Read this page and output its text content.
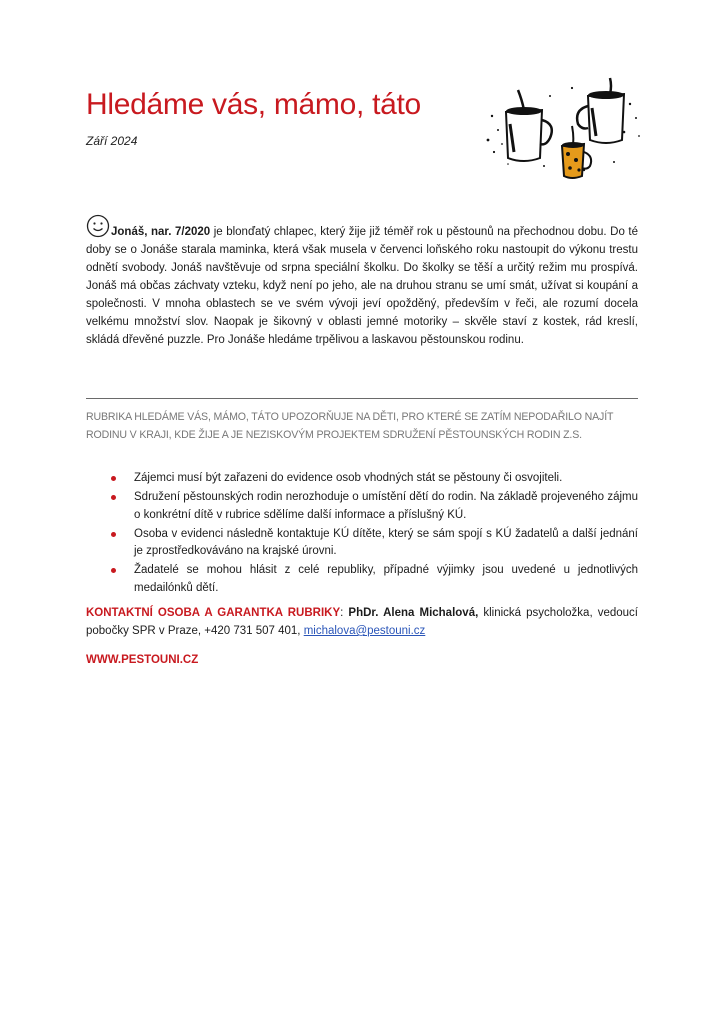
Hledáme vás, mámo, táto
Září 2024
Jonáš, nar. 7/2020 je blonďatý chlapec, který žije již téměř rok u pěstounů na přechodnou dobu. Do té doby se o Jonáše starala maminka, která však musela v červenci loňského roku nastoupit do výkonu trestu odnětí svobody. Jonáš navštěvuje od srpna speciální školku. Do školky se těší a určitý režim mu prospívá. Jonáš má občas záchvaty vzteku, když není po jeho, ale na druhou stranu se umí smát, užívat si koupání a společnosti. V mnoha oblastech se ve svém vývoji jeví opožděný, především v řeči, ale rozumí docela velkému množství slov. Naopak je šikovný v oblasti jemné motoriky – skvěle staví z kostek, rád kreslí, skládá dřevěné puzzle. Pro Jonáše hledáme trpělivou a laskavou pěstounskou rodinu.
RUBRIKA HLEDÁME VÁS, MÁMO, TÁTO UPOZORŇUJE NA DĚTI, PRO KTERÉ SE ZATÍM NEPODAŘILO NAJÍT RODINU V KRAJI, KDE ŽIJE A JE NEZISKOVÝM PROJEKTEM SDRUŽENÍ PĚSTOUNSKÝCH RODIN Z.S.
Zájemci musí být zařazeni do evidence osob vhodných stát se pěstouny či osvojiteli.
Sdružení pěstounských rodin nerozhoduje o umístění dětí do rodin. Na základě projeveného zájmu o konkrétní dítě v rubrice sdělíme další informace a příslušný KÚ.
Osoba v evidenci následně kontaktuje KÚ dítěte, který se sám spojí s KÚ žadatelů a další jednání je zprostředkováváno na krajské úrovni.
Žadatelé se mohou hlásit z celé republiky, případné výjimky jsou uvedené u jednotlivých medailónků dětí.
KONTAKTNÍ OSOBA A GARANTKA RUBRIKY: PhDr. Alena Michalová, klinická psycholožka, vedoucí pobočky SPR v Praze, +420 731 507 401, michalova@pestouni.cz
WWW.PESTOUNI.CZ
